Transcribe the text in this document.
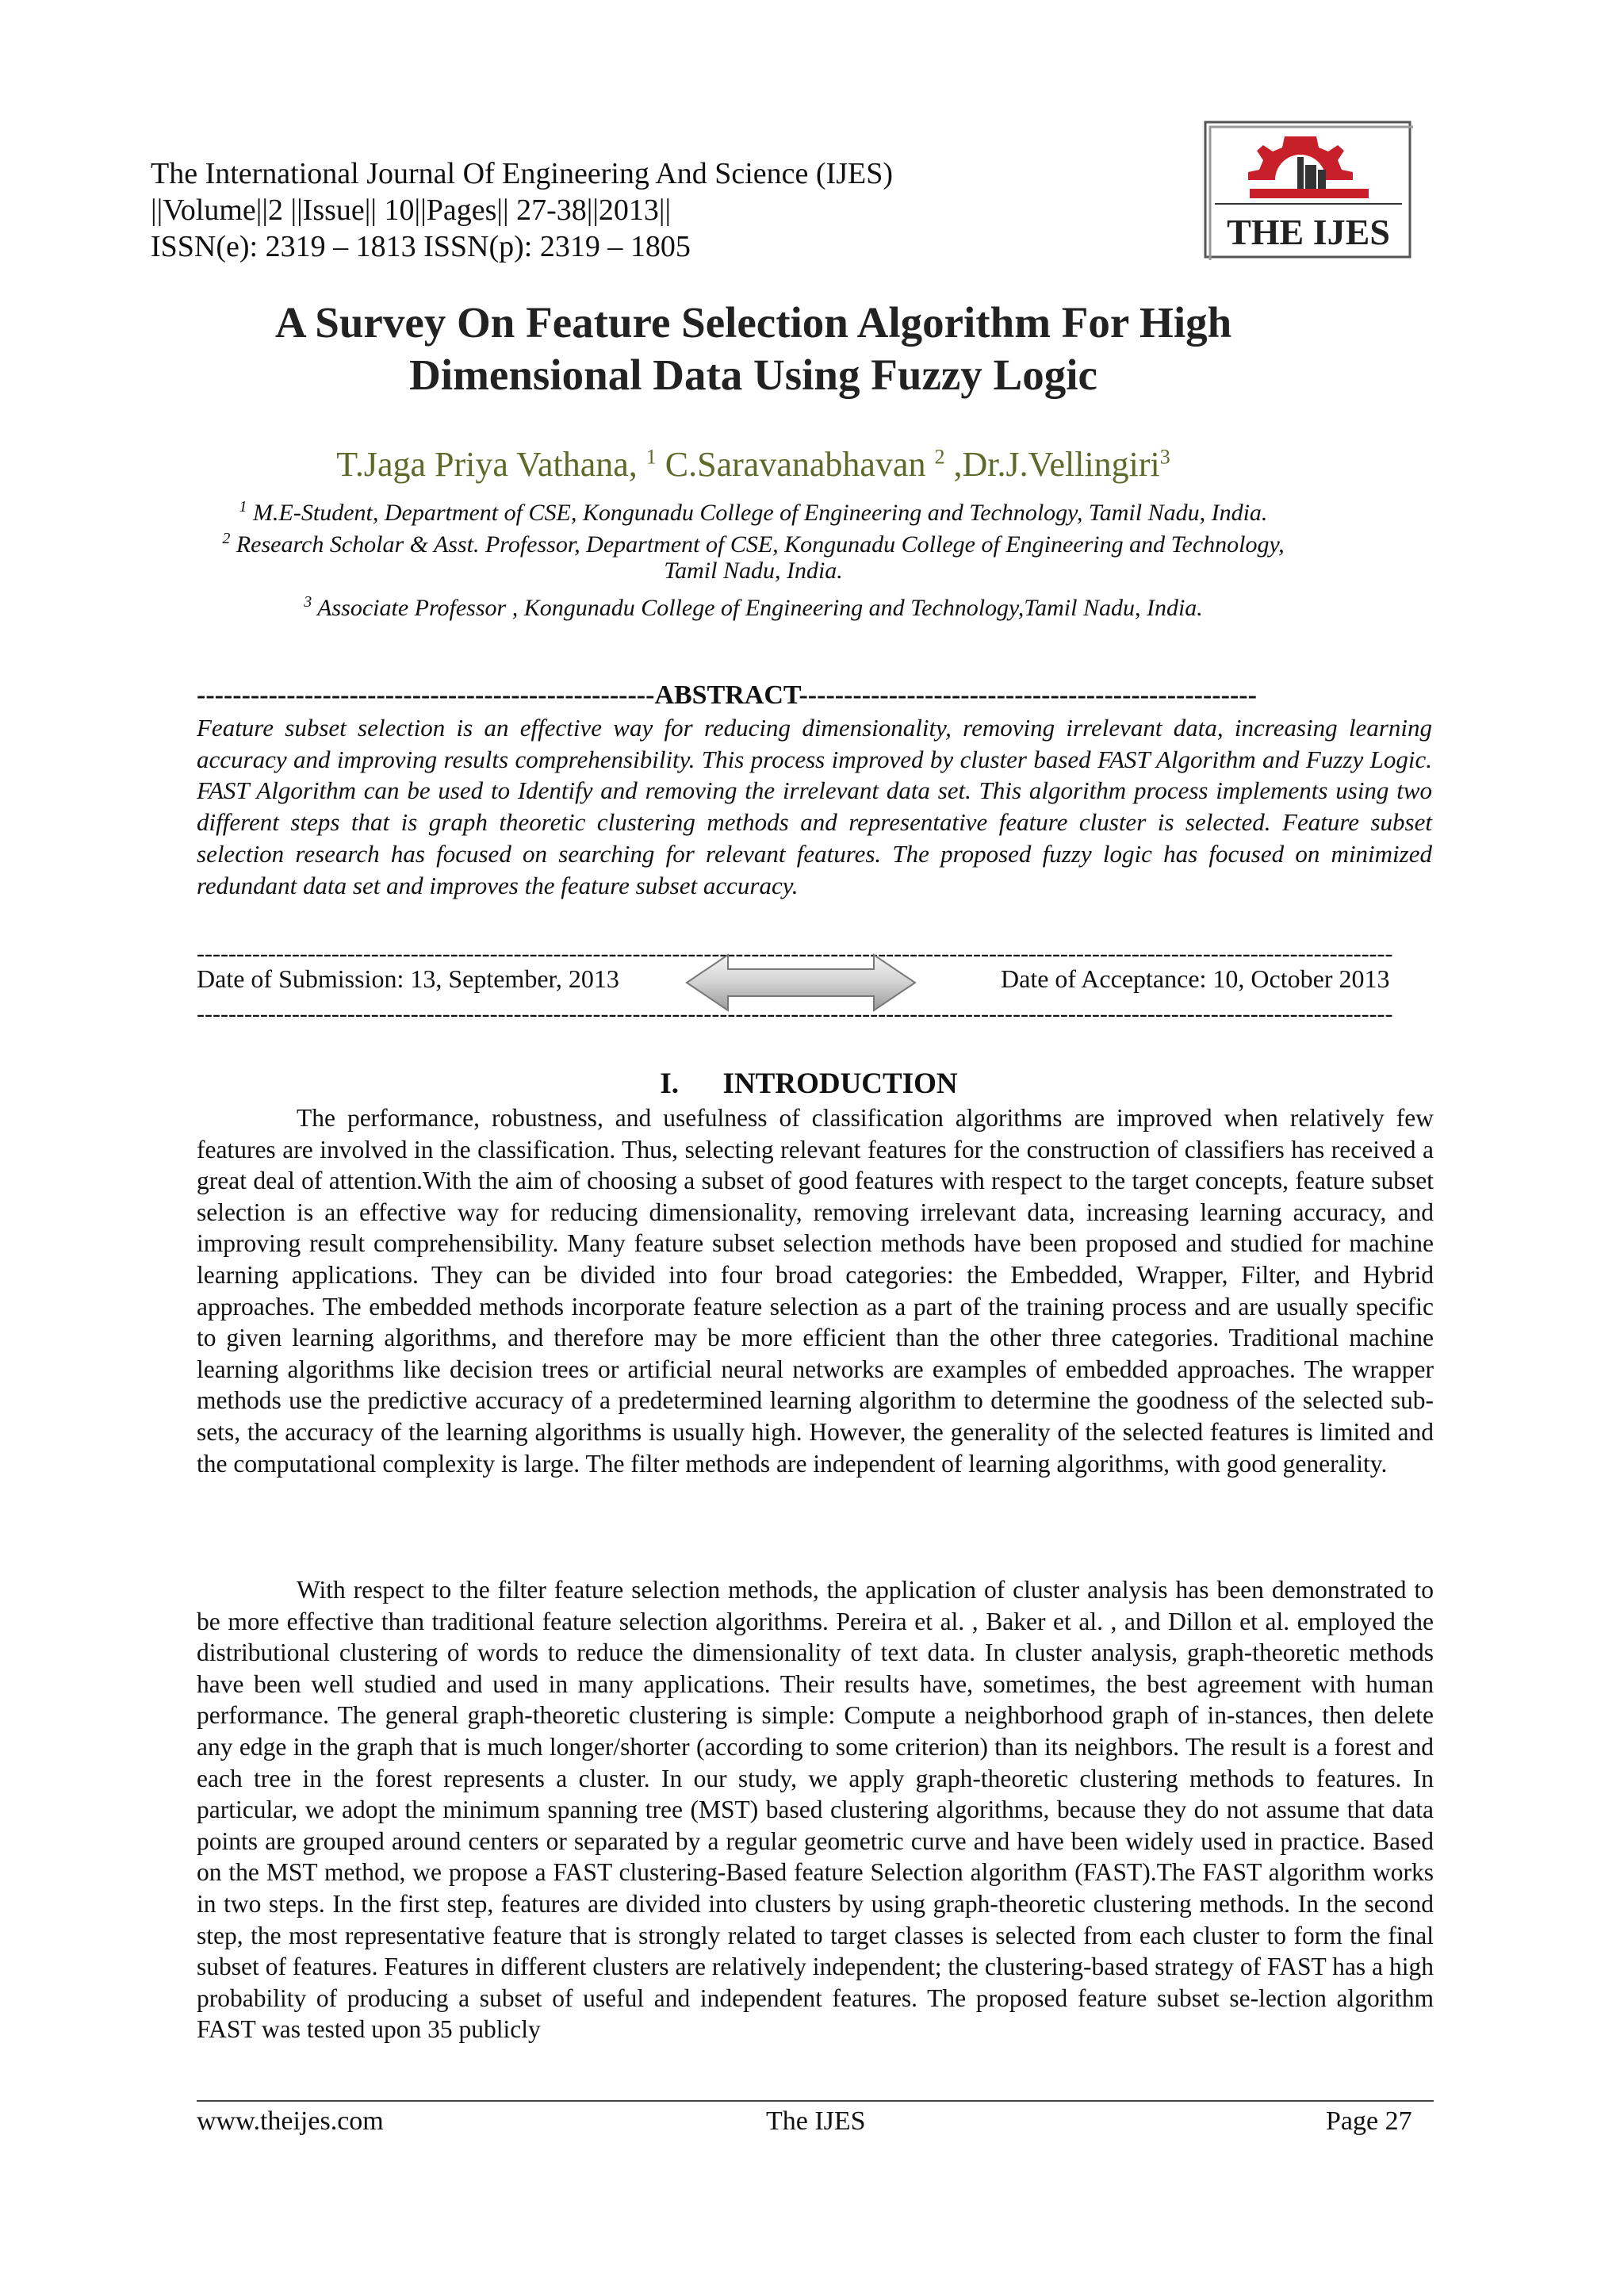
The International Journal Of Engineering And Science (IJES)
||Volume||2 ||Issue|| 10||Pages|| 27-38||2013||
ISSN(e): 2319 – 1813 ISSN(p): 2319 – 1805	THE IJES
A Survey On Feature Selection Algorithm For High
Dimensional Data Using Fuzzy Logic
T.Jaga Priya Vathana, $^1$ C.Saravanabhavan $^2$ ,Dr.J.Vellingiri$^3$
$^1$ M.E-Student, Department of CSE, Kongunadu College of Engineering and Technology, Tamil Nadu, India.
$^2$ Research Scholar & Asst. Professor, Department of CSE, Kongunadu College of Engineering and Technology,
Tamil Nadu, India.
$^3$ Associate Professor , Kongunadu College of Engineering and Technology,Tamil Nadu, India.
---------------------------------------------------ABSTRACT---------------------------------------------------
Feature subset selection is an effective way for reducing dimensionality, removing irrelevant data, increasing learning accuracy and improving results comprehensibility. This process improved by cluster based FAST Algorithm and Fuzzy Logic. FAST Algorithm can be used to Identify and removing the irrelevant data set. This algorithm process implements using two different steps that is graph theoretic clustering methods and representative feature cluster is selected. Feature subset selection research has focused on searching for relevant features. The proposed fuzzy logic has focused on minimized redundant data set and improves the feature subset accuracy.
-------------------------------------------------------------------------------------------------------------------------------------------------------
Date of Submission: 13, September, 2013	Date of Acceptance: 10, October 2013
-------------------------------------------------------------------------------------------------------------------------------------------------------
I.      INTRODUCTION

The performance, robustness, and usefulness of classification algorithms are improved when relatively few features are involved in the classification. Thus, selecting relevant features for the construction of classifiers has received a great deal of attention.With the aim of choosing a subset of good features with respect to the target concepts, feature subset selection is an effective way for reducing dimensionality, removing irrelevant data, increasing learning accuracy, and improving result comprehensibility. Many feature subset selection methods have been proposed and studied for machine learning applications. They can be divided into four broad categories: the Embedded, Wrapper, Filter, and Hybrid approaches. The embedded methods incorporate feature selection as a part of the training process and are usually specific to given learning algorithms, and therefore may be more efficient than the other three categories. Traditional machine learning algorithms like decision trees or artificial neural networks are examples of embedded approaches. The wrapper methods use the predictive accuracy of a predetermined learning algorithm to determine the goodness of the selected sub-sets, the accuracy of the learning algorithms is usually high. However, the generality of the selected features is limited and the computational complexity is large. The filter methods are independent of learning algorithms, with good generality.

With respect to the filter feature selection methods, the application of cluster analysis has been demonstrated to be more effective than traditional feature selection algorithms. Pereira et al. , Baker et al. , and Dillon et al. employed the distributional clustering of words to reduce the dimensionality of text data. In cluster analysis, graph-theoretic methods have been well studied and used in many applications. Their results have, sometimes, the best agreement with human performance. The general graph-theoretic clustering is simple: Compute a neighborhood graph of in-stances, then delete any edge in the graph that is much longer/shorter (according to some criterion) than its neighbors. The result is a forest and each tree in the forest represents a cluster. In our study, we apply graph-theoretic clustering methods to features. In particular, we adopt the minimum spanning tree (MST) based clustering algorithms, because they do not assume that data points are grouped around centers or separated by a regular geometric curve and have been widely used in practice. Based on the MST method, we propose a FAST clustering-Based feature Selection algorithm (FAST).The FAST algorithm works in two steps. In the first step, features are divided into clusters by using graph-theoretic clustering methods. In the second step, the most representative feature that is strongly related to target classes is selected from each cluster to form the final subset of features. Features in different clusters are relatively independent; the clustering-based strategy of FAST has a high probability of producing a subset of useful and independent features. The proposed feature subset se-lection algorithm FAST was tested upon 35 publicly

www.theijes.com	The IJES	Page 27
